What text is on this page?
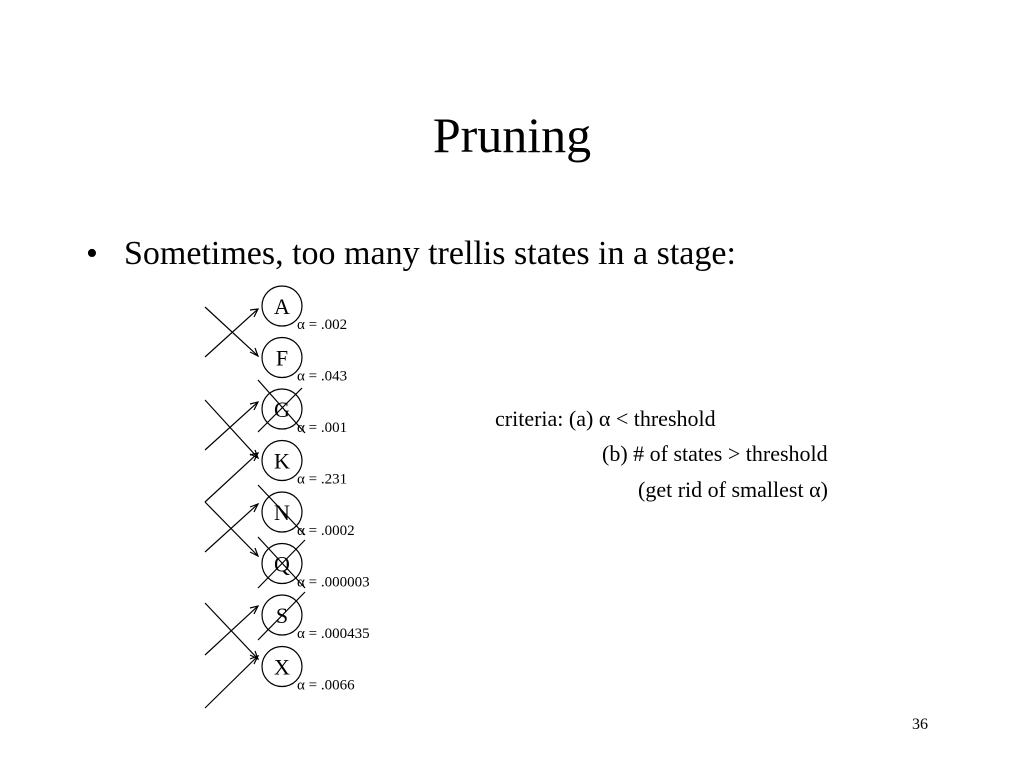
Pruning
• Sometimes, too many trellis states in a stage:
A
α = .002
F
α = .043
G
α = .001
K
α = .231
N
α = .0002
Q
α = .000003
S
α = .000435
X
α = .0066
criteria: (a) α < threshold
(b) # of states > threshold
(get rid of smallest α)
36
